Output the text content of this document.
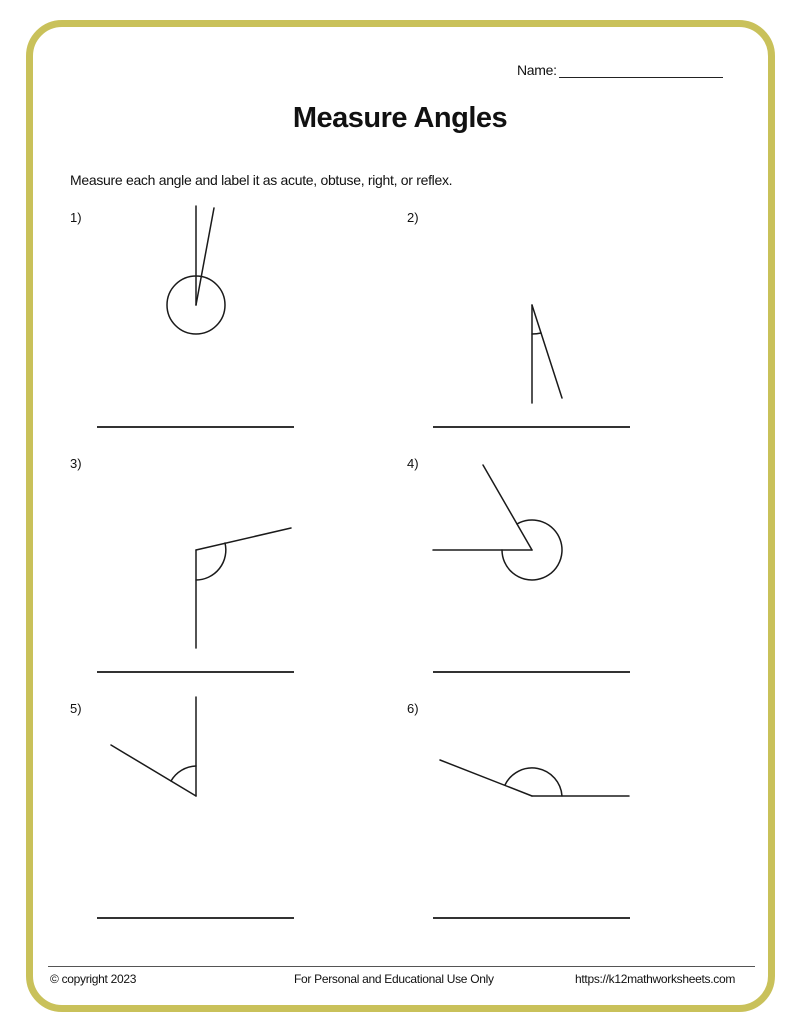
Name:
Measure Angles
Measure each angle and label it as acute, obtuse, right, or reflex.
1)	2)
3)	4)
5)	6)
© copyright 2023	For Personal and Educational Use Only	https://k12mathworksheets.com
